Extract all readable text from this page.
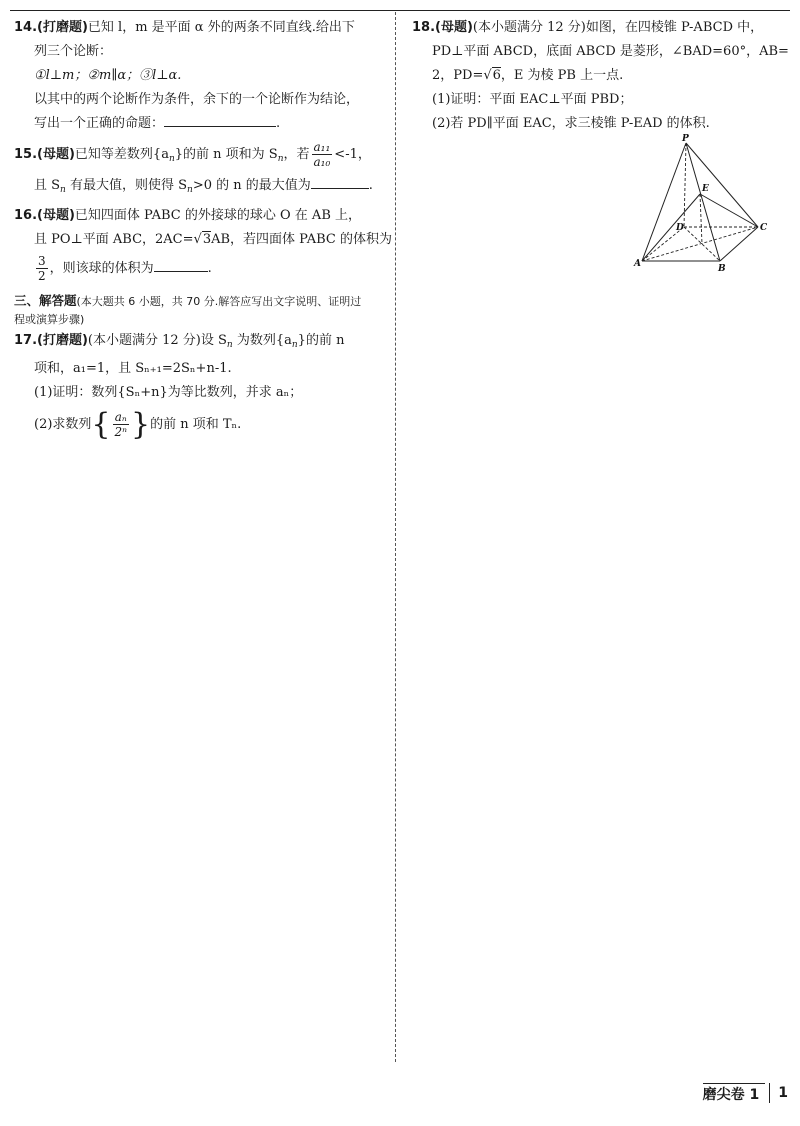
14.(打磨题)已知 l，m 是平面 α 外的两条不同直线.给出下
列三个论断：
①l⊥m；②m∥α；③l⊥α.
以其中的两个论断作为条件，余下的一个论断作为结论，
写出一个正确的命题：	.
15.(母题)已知等差数列$\{a_n\}$的前 n 项和为 $S_n$，若 $\frac{\text{a₁₁}}{\text{a₁₀}} <-1$，
且 $S_n$ 有最大值，则使得 $S_n>0$ 的 n 的最大值为	.
16.(母题)已知四面体 PABC 的外接球的球心 O 在 AB 上，
且 PO⊥平面 ABC，2AC=√3AB，若四面体 PABC 的体积为
$\frac{3}{2}$ ，则该球的体积为	.
三、解答题(本大题共 6 小题，共 70 分.解答应写出文字说明、证明过
程或演算步骤)
17.(打磨题)(本小题满分 12 分)设 $S_n$ 为数列$\{a_n\}$的前 n
项和，a₁=1，且 Sₙ₊₁=2Sₙ+n-1.
(1)证明：数列{Sₙ+n}为等比数列，并求 aₙ；
(2)求数列{ $\frac{\text{aₙ}}{\text{2ⁿ}}$ }的前 n 项和 Tₙ.
18.(母题)(本小题满分 12 分)如图，在四棱锥 P-ABCD 中，
PD⊥平面 ABCD，底面 ABCD 是菱形，∠BAD=60°，AB=
2，PD=√6，E 为棱 PB 上一点.
(1)证明：平面 EAC⊥平面 PBD；
(2)若 PD∥平面 EAC，求三棱锥 P-EAD 的体积.
P
E
D	C
A	B
磨尖卷 1	1
